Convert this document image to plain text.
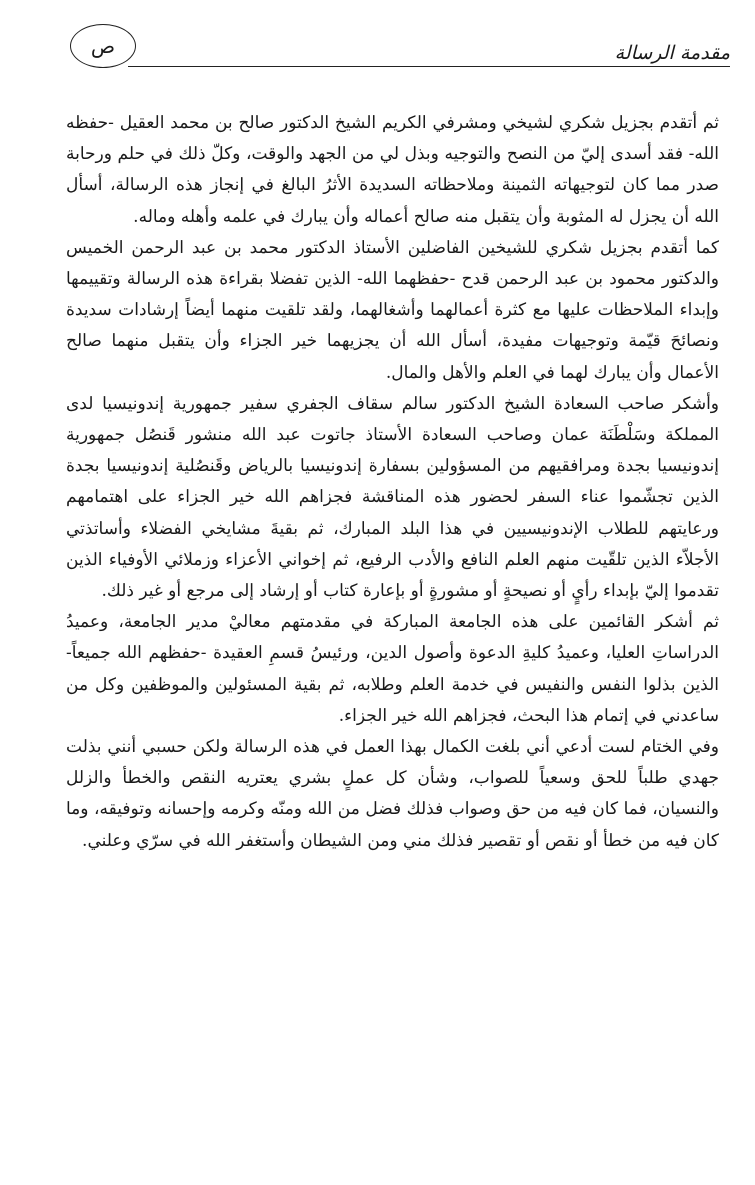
ص	مقدمة الرسالة

ثم أتقدم بجزيل شكري لشيخي ومشرفي الكريم الشيخ الدكتور صالح بن محمد العقيل -حفظه الله- فقد أسدى إليّ من النصح والتوجيه وبذل لي من الجهد والوقت، وكلّ ذلك في حلم ورحابة صدر مما كان لتوجيهاته الثمينة وملاحظاته السديدة الأثرُ البالغ في إنجاز هذه الرسالة، أسأل الله أن يجزل له المثوبة وأن يتقبل منه صالح أعماله وأن يبارك في علمه وأهله وماله.

كما أتقدم بجزيل شكري للشيخين الفاضلين الأستاذ الدكتور محمد بن عبد الرحمن الخميس والدكتور محمود بن عبد الرحمن قدح -حفظهما الله- الذين تفضلا بقراءة هذه الرسالة وتقييمها وإبداء الملاحظات عليها مع كثرة أعمالهما وأشغالهما، ولقد تلقيت منهما أيضاً إرشادات سديدة ونصائحَ قيّمة وتوجيهات مفيدة، أسأل الله أن يجزيهما خير الجزاء وأن يتقبل منهما صالح الأعمال وأن يبارك لهما في العلم والأهل والمال.

وأشكر صاحب السعادة الشيخ الدكتور سالم سقاف الجفري سفير جمهورية إندونيسيا لدى المملكة وسَلْطَنَة عمان وصاحب السعادة الأستاذ جاتوت عبد الله منشور قَنصُل جمهورية إندونيسيا بجدة ومرافقيهم من المسؤولين بسفارة إندونيسيا بالرياض وقَنصُلية إندونيسيا بجدة الذين تجشّموا عناء السفر لحضور هذه المناقشة فجزاهم الله خير الجزاء على اهتمامهم ورعايتهم للطلاب الإندونيسيين في هذا البلد المبارك، ثم بقيةَ مشايخي الفضلاء وأساتذتي الأجلاّء الذين تلقّيت منهم العلم النافع والأدب الرفيع، ثم إخواني الأعزاء وزملائي الأوفياء الذين تقدموا إليّ بإبداء رأيٍ أو نصيحةٍ أو مشورةٍ أو بإعارة كتاب أو إرشاد إلى مرجع أو غير ذلك.

ثم أشكر القائمين على هذه الجامعة المباركة في مقدمتهم معاليْ مدير الجامعة، وعميدُ الدراساتِ العليا، وعميدُ كليةِ الدعوة وأصول الدين، ورئيسُ قسمِ العقيدة -حفظهم الله جميعاً- الذين بذلوا النفس والنفيس في خدمة العلم وطلابه، ثم بقية المسئولين والموظفين وكل من ساعدني في إتمام هذا البحث، فجزاهم الله خير الجزاء.

وفي الختام لست أدعي أني بلغت الكمال بهذا العمل في هذه الرسالة ولكن حسبي أنني بذلت جهدي طلباً للحق وسعياً للصواب، وشأن كل عملٍ بشري يعتريه النقص والخطأ والزلل والنسيان، فما كان فيه من حق وصواب فذلك فضل من الله ومنّه وكرمه وإحسانه وتوفيقه، وما كان فيه من خطأ أو نقص أو تقصير فذلك مني ومن الشيطان وأستغفر الله في سرّي وعلني.
